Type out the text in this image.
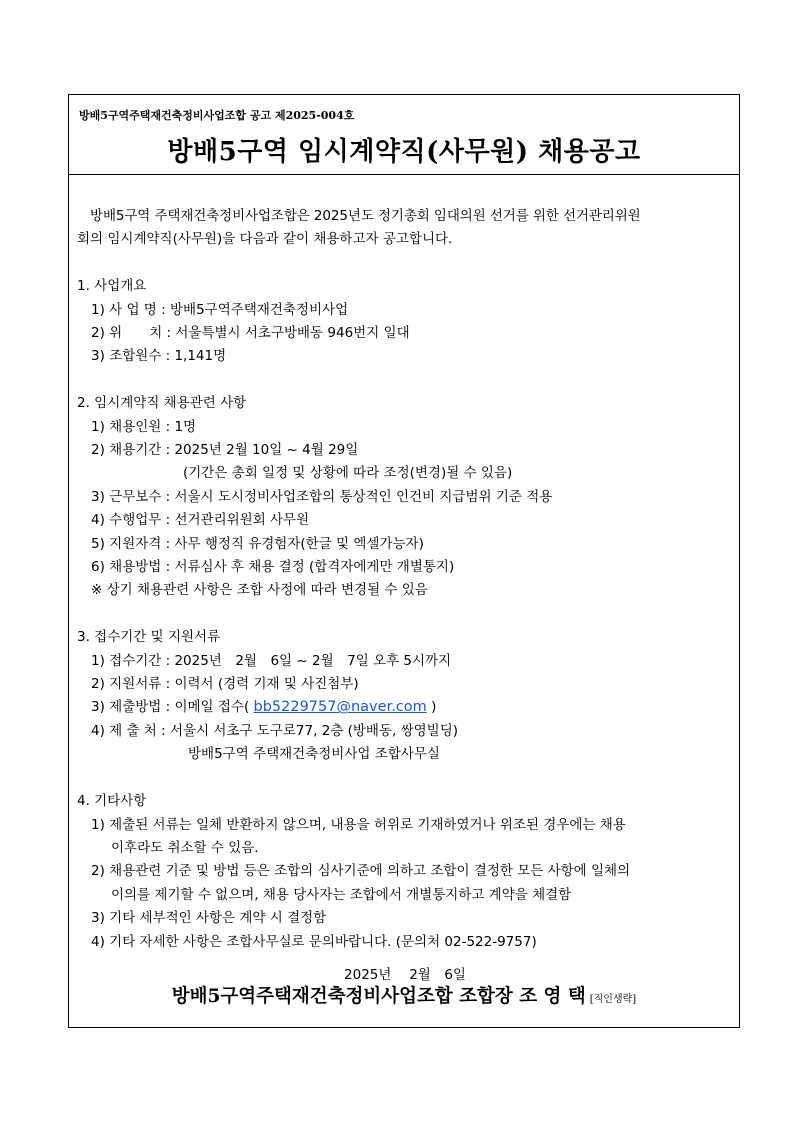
방배5구역주택재건축정비사업조합 공고 제2025-004호
방배5구역 임시계약직(사무원) 채용공고
방배5구역 주택재건축정비사업조합은 2025년도 정기총회 임대의원 선거를 위한 선거관리위원
회의 임시계약직(사무원)을 다음과 같이 채용하고자 공고합니다.
1. 사업개요
1) 사 업 명 : 방배5구역주택재건축정비사업
2) 위　　치 : 서울특별시 서초구방배동 946번지 일대
3) 조합원수 : 1,141명
2. 임시계약직 채용관련 사항
1) 채용인원 : 1명
2) 채용기간 : 2025년 2월 10일 ~ 4월 29일
(기간은 총회 일정 및 상황에 따라 조정(변경)될 수 있음)
3) 근무보수 : 서울시 도시정비사업조합의 통상적인 인건비 지급범위 기준 적용
4) 수행업무 : 선거관리위원회 사무원
5) 지원자격 : 사무 행정직 유경험자(한글 및 엑셀가능자)
6) 채용방법 : 서류심사 후 채용 결정 (합격자에게만 개별통지)
※ 상기 채용관련 사항은 조합 사정에 따라 변경될 수 있음
3. 접수기간 및 지원서류
1) 접수기간 : 2025년　2월　6일 ~ 2월　7일 오후 5시까지
2) 지원서류 : 이력서 (경력 기재 및 사진첨부)
3) 제출방법 : 이메일 접수( bb5229757@naver.com )
4) 제 출 처 : 서울시 서초구 도구로77, 2층 (방배동, 쌍영빌딩)
방배5구역 주택재건축정비사업 조합사무실
4. 기타사항
1) 제출된 서류는 일체 반환하지 않으며, 내용을 허위로 기재하였거나 위조된 경우에는 채용
이후라도 취소할 수 있음.
2) 채용관련 기준 및 방법 등은 조합의 심사기준에 의하고 조합이 결정한 모든 사항에 일체의
이의를 제기할 수 없으며, 채용 당사자는 조합에서 개별통지하고 계약을 체결함
3) 기타 세부적인 사항은 계약 시 결정함
4) 기타 자세한 사항은 조합사무실로 문의바랍니다. (문의처 02-522-9757)
2025년　 2월　6일
방배5구역주택재건축정비사업조합 조합장 조 영 택 [직인생략]
